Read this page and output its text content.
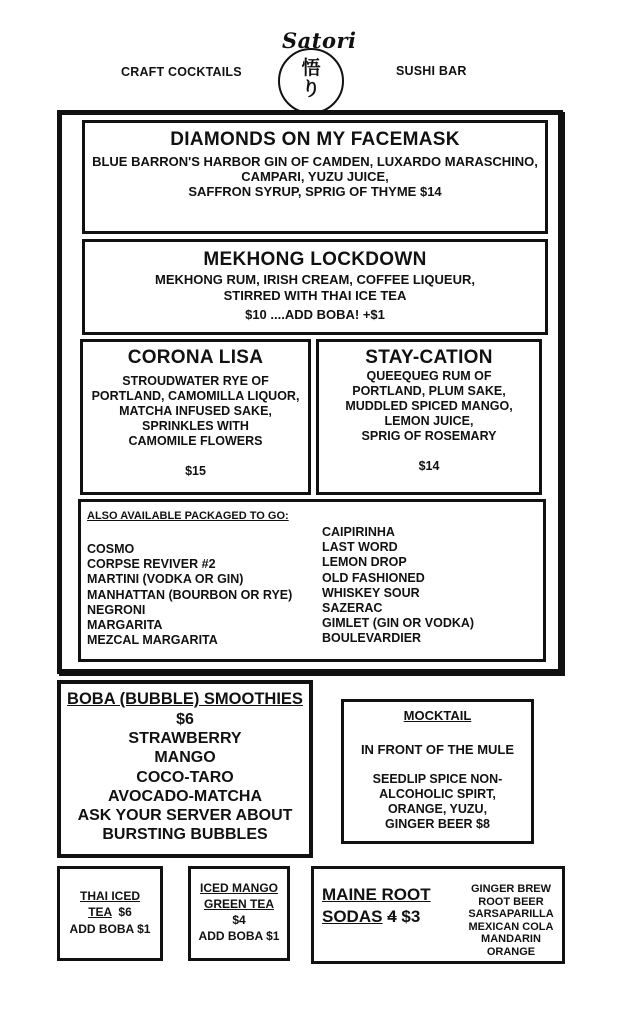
CRAFT COCKTAILS
Satori
悟
り
SUSHI BAR
DIAMONDS ON MY FACEMASK
BLUE BARRON'S HARBOR GIN OF CAMDEN, LUXARDO MARASCHINO,
CAMPARI, YUZU JUICE,
SAFFRON SYRUP, SPRIG OF THYME $14
MEKHONG LOCKDOWN
MEKHONG RUM, IRISH CREAM, COFFEE LIQUEUR,
STIRRED WITH THAI ICE TEA
$10 ....ADD BOBA! +$1
CORONA LISA
STROUDWATER RYE OF
PORTLAND, CAMOMILLA LIQUOR,
MATCHA INFUSED SAKE,
SPRINKLES WITH
CAMOMILE FLOWERS
$15
STAY-CATION
QUEEQUEG RUM OF
PORTLAND, PLUM SAKE,
MUDDLED SPICED MANGO,
LEMON JUICE,
SPRIG OF ROSEMARY
$14
ALSO AVAILABLE PACKAGED TO GO:
COSMO
CORPSE REVIVER #2
MARTINI (VODKA OR GIN)
MANHATTAN (BOURBON OR RYE)
NEGRONI
MARGARITA
MEZCAL MARGARITA
CAIPIRINHA
LAST WORD
LEMON DROP
OLD FASHIONED
WHISKEY SOUR
SAZERAC
GIMLET (GIN OR VODKA)
BOULEVARDIER
BOBA (BUBBLE) SMOOTHIES
$6
STRAWBERRY
MANGO
COCO-TARO
AVOCADO-MATCHA
ASK YOUR SERVER ABOUT
BURSTING BUBBLES
MOCKTAIL
IN FRONT OF THE MULE
SEEDLIP SPICE NON-
ALCOHOLIC SPIRT,
ORANGE, YUZU,
GINGER BEER $8
THAI ICED
TEA  $6
ADD BOBA $1
ICED MANGO
GREEN TEA
$4
ADD BOBA $1
MAINE ROOT
SODAS 4 $3
GINGER BREW
ROOT BEER
SARSAPARILLA
MEXICAN COLA
MANDARIN ORANGE
